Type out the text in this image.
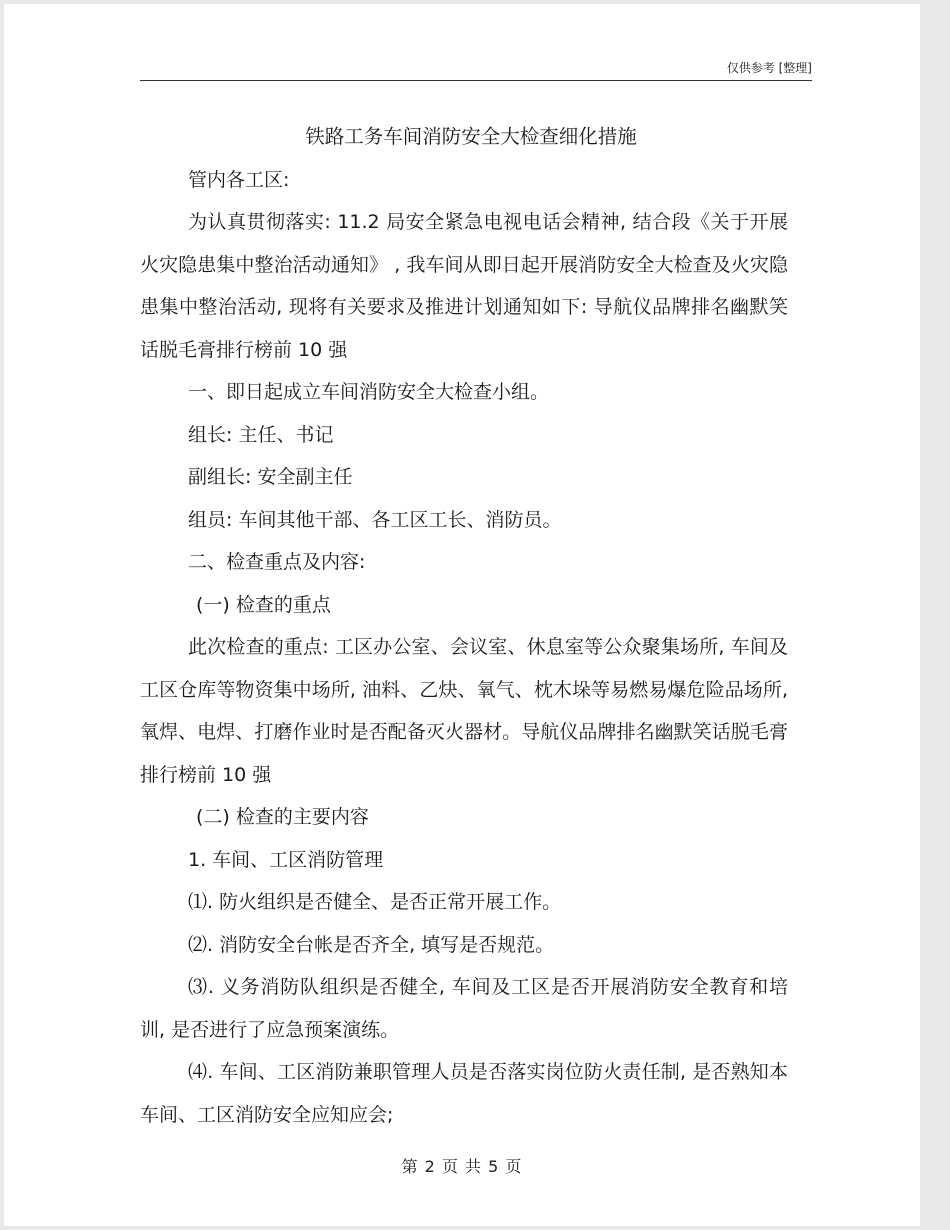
仅供参考 [整理]
铁路工务车间消防安全大检查细化措施

管内各工区:

为认真贯彻落实: 11.2 局安全紧急电视电话会精神, 结合段《关于开展火灾隐患集中整治活动通知》 , 我车间从即日起开展消防安全大检查及火灾隐患集中整治活动, 现将有关要求及推进计划通知如下: 导航仪品牌排名幽默笑话脱毛膏排行榜前 10 强

一、即日起成立车间消防安全大检查小组。

组长: 主任、书记

副组长: 安全副主任

组员: 车间其他干部、各工区工长、消防员。

二、检查重点及内容:

(一) 检查的重点

此次检查的重点: 工区办公室、会议室、休息室等公众聚集场所, 车间及工区仓库等物资集中场所, 油料、乙炔、氧气、枕木垛等易燃易爆危险品场所, 氧焊、电焊、打磨作业时是否配备灭火器材。导航仪品牌排名幽默笑话脱毛膏排行榜前 10 强

(二) 检查的主要内容

1. 车间、工区消防管理

⑴. 防火组织是否健全、是否正常开展工作。

⑵. 消防安全台帐是否齐全, 填写是否规范。

⑶. 义务消防队组织是否健全, 车间及工区是否开展消防安全教育和培训, 是否进行了应急预案演练。

⑷. 车间、工区消防兼职管理人员是否落实岗位防火责任制, 是否熟知本车间、工区消防安全应知应会;

第 2 页 共 5 页
